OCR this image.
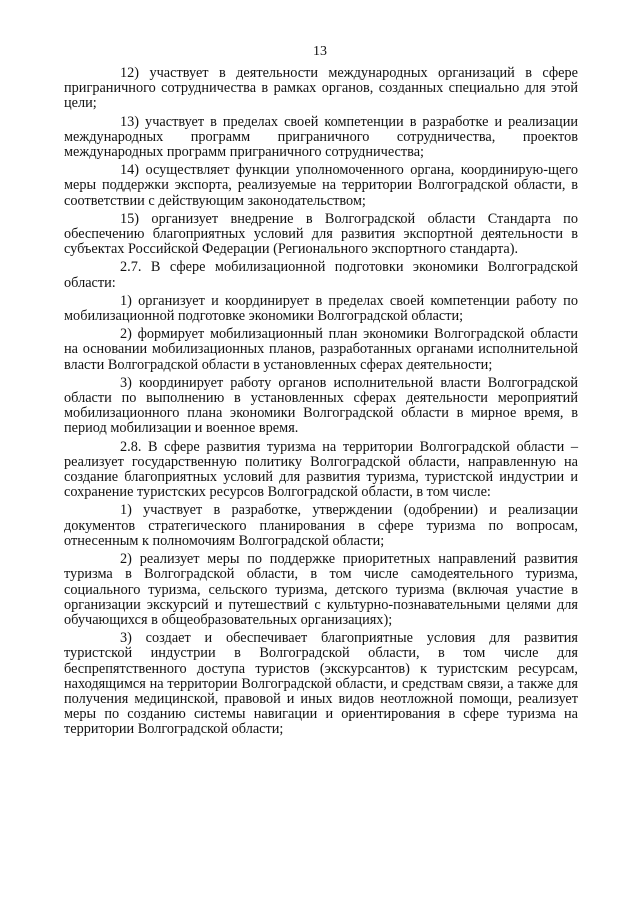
13

12) участвует в деятельности международных организаций в сфере приграничного сотрудничества в рамках органов, созданных специально для этой цели;

13) участвует в пределах своей компетенции в разработке и реализации международных программ приграничного сотрудничества, проектов международных программ приграничного сотрудничества;

14) осуществляет функции уполномоченного органа, координирую-щего меры поддержки экспорта, реализуемые на территории Волгоградской области, в соответствии с действующим законодательством;

15) организует внедрение в Волгоградской области Стандарта по обеспечению благоприятных условий для развития экспортной деятельности в субъектах Российской Федерации (Регионального экспортного стандарта).

2.7. В сфере мобилизационной подготовки экономики Волгоградской области:

1) организует и координирует в пределах своей компетенции работу по мобилизационной подготовке экономики Волгоградской области;

2) формирует мобилизационный план экономики Волгоградской области на основании мобилизационных планов, разработанных органами исполнительной власти Волгоградской области в установленных сферах деятельности;

3) координирует работу органов исполнительной власти Волгоградской области по выполнению в установленных сферах деятельности мероприятий мобилизационного плана экономики Волгоградской области в мирное время, в период мобилизации и военное время.

2.8. В сфере развития туризма на территории Волгоградской области – реализует государственную политику Волгоградской области, направленную на создание благоприятных условий для развития туризма, туристской индустрии и сохранение туристских ресурсов Волгоградской области, в том числе:

1) участвует в разработке, утверждении (одобрении) и реализации документов стратегического планирования в сфере туризма по вопросам, отнесенным к полномочиям Волгоградской области;

2) реализует меры по поддержке приоритетных направлений развития туризма в Волгоградской области, в том числе самодеятельного туризма, социального туризма, сельского туризма, детского туризма (включая участие в организации экскурсий и путешествий с культурно-познавательными целями для обучающихся в общеобразовательных организациях);

3) создает и обеспечивает благоприятные условия для развития туристской индустрии в Волгоградской области, в том числе для беспрепятственного доступа туристов (экскурсантов) к туристским ресурсам, находящимся на территории Волгоградской области, и средствам связи, а также для получения медицинской, правовой и иных видов неотложной помощи, реализует меры по созданию системы навигации и ориентирования в сфере туризма на территории Волгоградской области;
